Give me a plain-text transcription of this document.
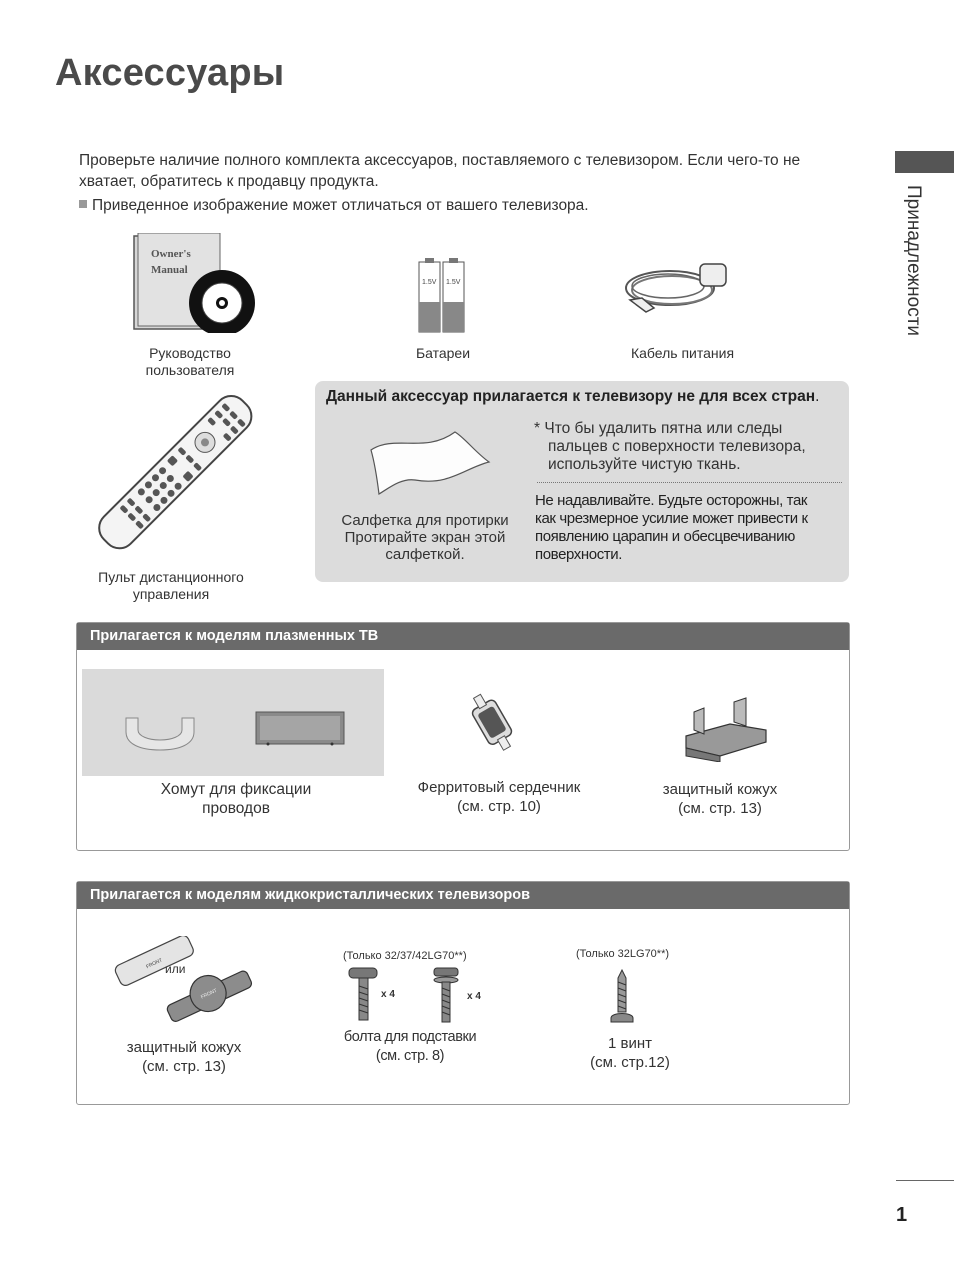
Аксессуары
Проверьте наличие полного комплекта аксессуаров, поставляемого с телевизором. Если чего-то не хватает, обратитесь к продавцу продукта.
Приведенное изображение может отличаться от вашего телевизора.	Принадлежности
Owner's
Manual
Руководство
пользователя
1.5V 1.5V
Батареи	Кабель питания
Пульт дистанционного
управления
Данный аксессуар прилагается к телевизору не для всех стран.
Салфетка для протирки
Протирайте экран этой
салфеткой.
* Что бы удалить пятна или следы
пальцев с поверхности телевизора,
используйте чистую ткань.
Не надавливайте. Будьте осторожны, так
как чрезмерное усилие может привести к
появлению царапин и обесцвечиванию
поверхности.
Прилагается к моделям плазменных ТВ
Хомут для фиксации
проводов
Ферритовый сердечник
(см. стр. 10)
защитный кожух
(см. стр. 13)
Прилагается к моделям жидкокристаллических телевизоров
FRONT
FRONT
или
защитный кожух
(см. стр. 13)
(Только 32/37/42LG70**)
x 4	x 4
болта для подставки
(см. стр. 8)
(Только 32LG70**)
1 винт
(см. стр.12)
1
